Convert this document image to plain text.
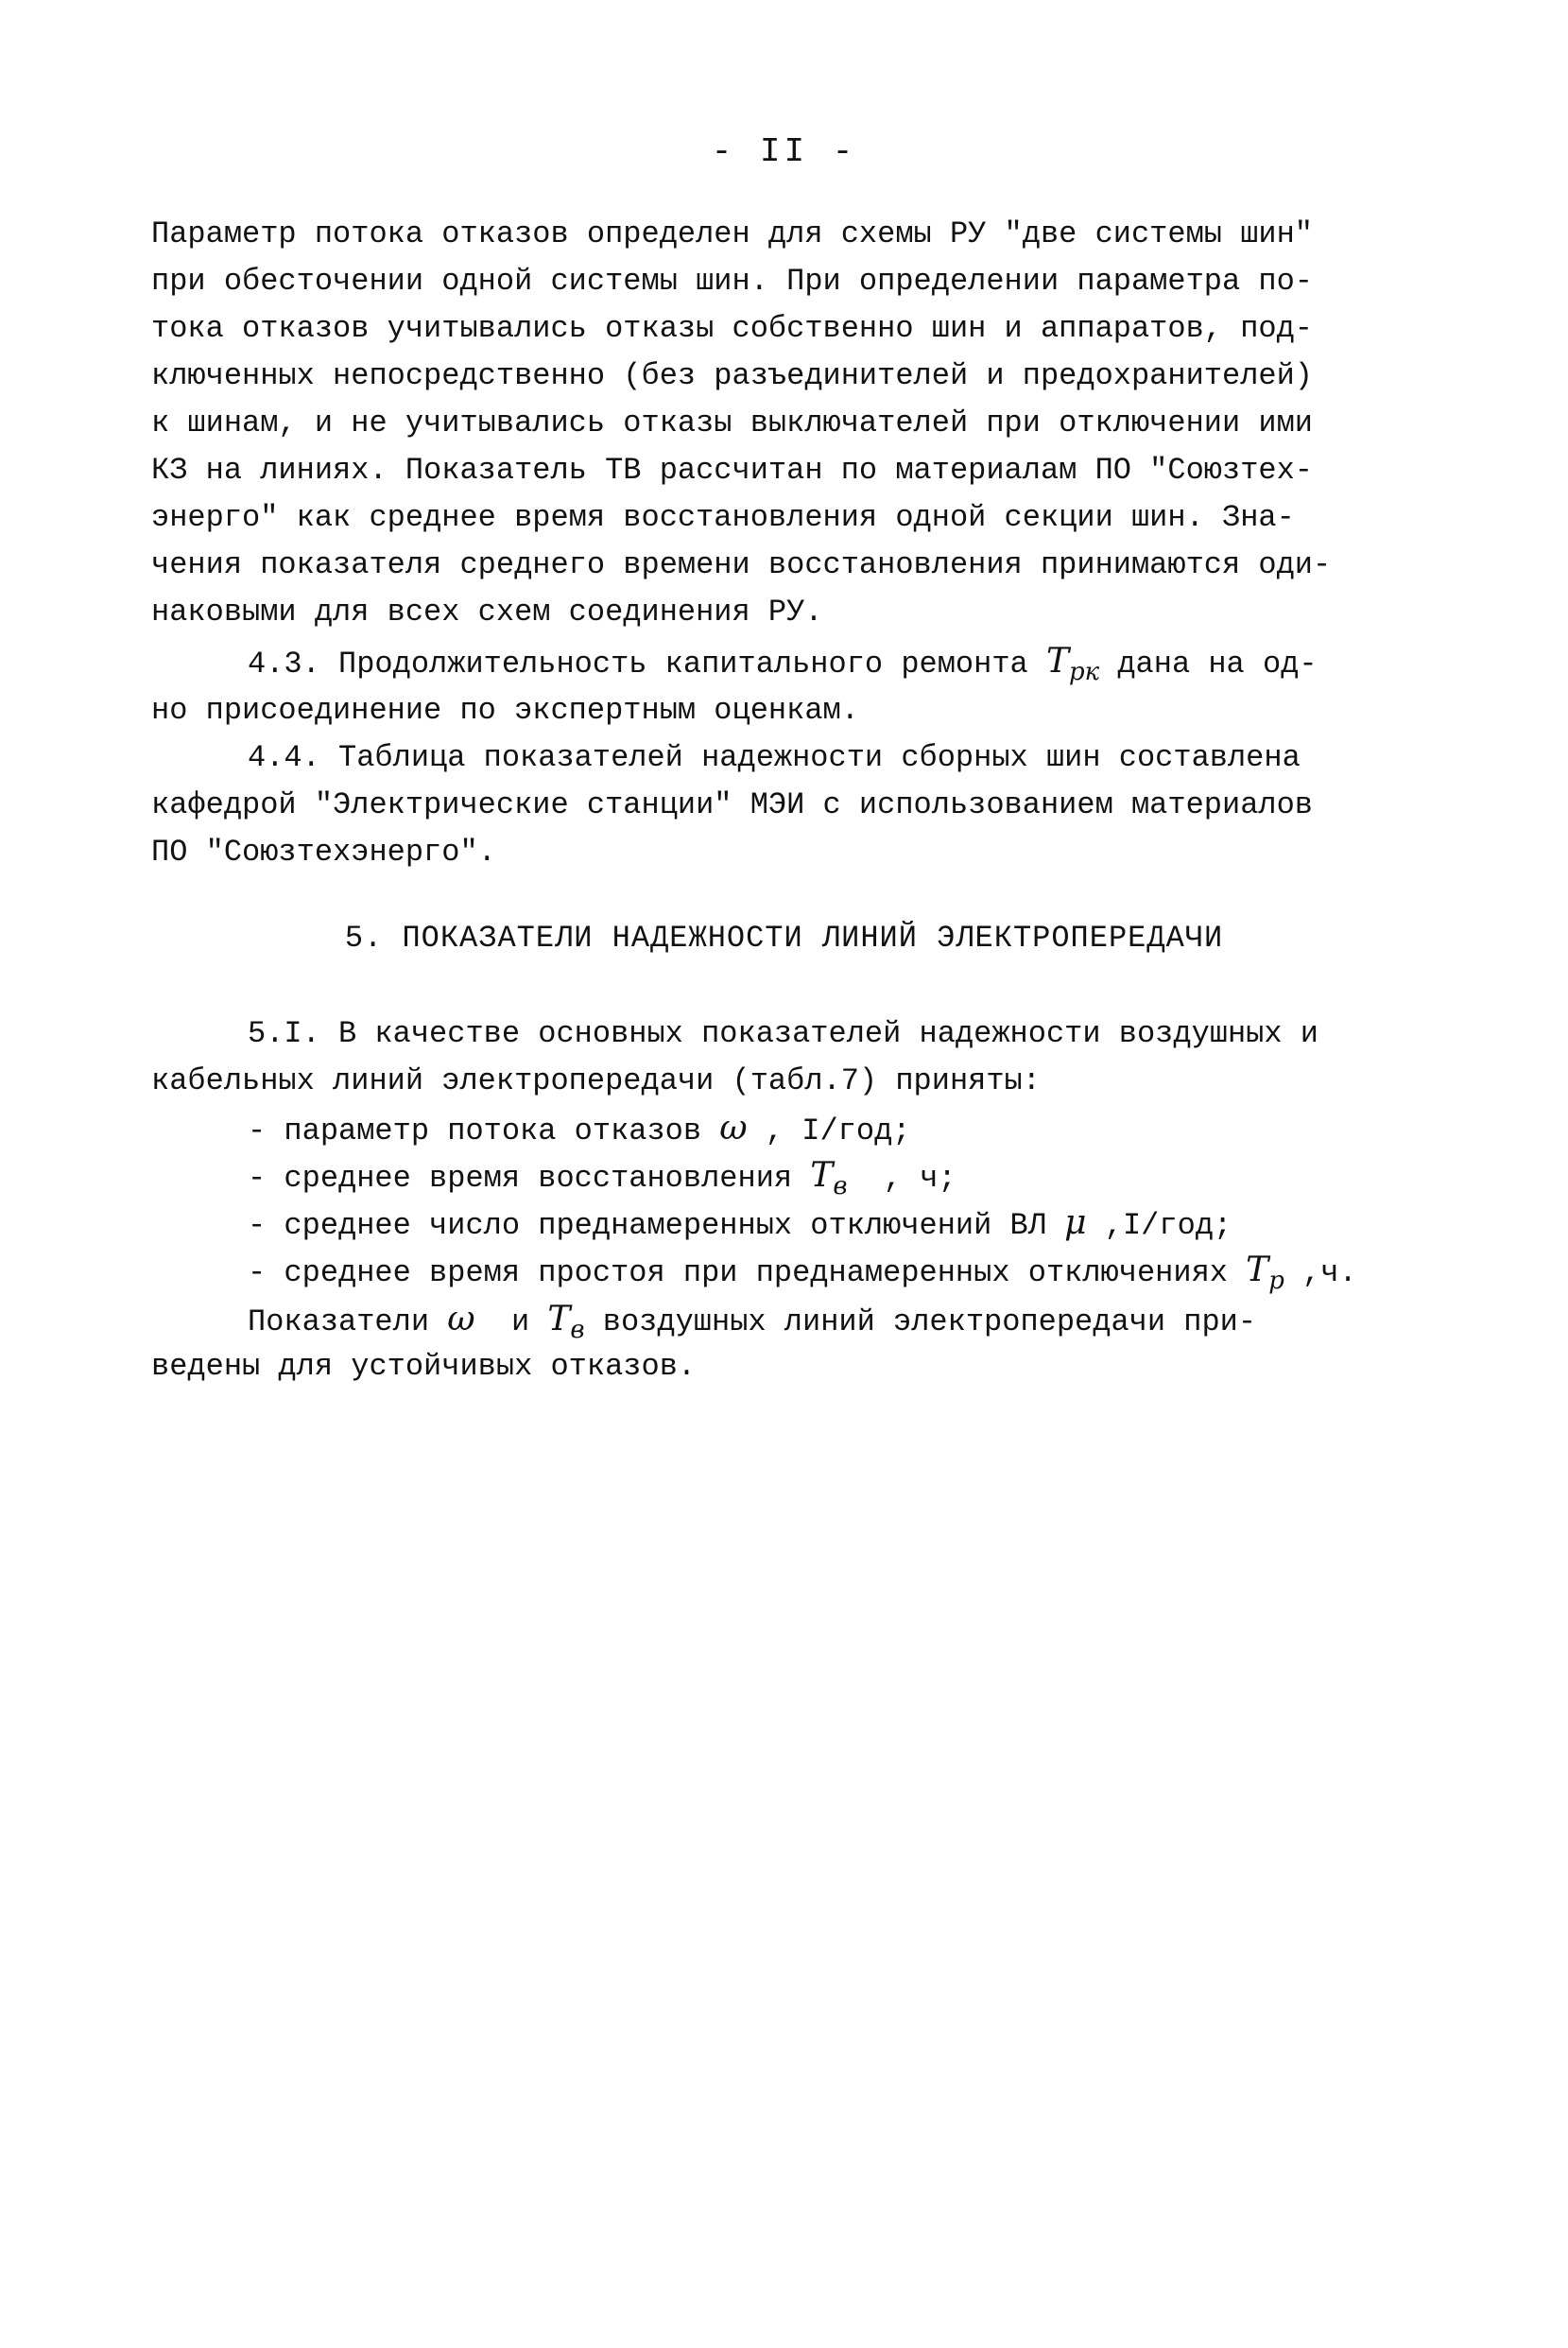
- II -
Параметр потока отказов определен для схемы РУ "две системы шин"
при обесточении одной системы шин. При определении параметра по-
тока отказов учитывались отказы собственно шин и аппаратов, под-
ключенных непосредственно (без разъединителей и предохранителей)
к шинам, и не учитывались отказы выключателей при отключении ими
КЗ на линиях. Показатель ТВ рассчитан по материалам ПО "Союзтех-
энерго" как среднее время восстановления одной секции шин. Зна-
чения показателя среднего времени восстановления принимаются оди-
наковыми для всех схем соединения РУ.
4.3. Продолжительность капитального ремонта $T_{рк}$ дана на од-
но присоединение по экспертным оценкам.
4.4. Таблица показателей надежности сборных шин составлена
кафедрой "Электрические станции" МЭИ с использованием материалов
ПО "Союзтехэнерго".
5. ПОКАЗАТЕЛИ НАДЕЖНОСТИ ЛИНИЙ ЭЛЕКТРОПЕРЕДАЧИ
5.I. В качестве основных показателей надежности воздушных и
кабельных линий электропередачи (табл.7) приняты:
- параметр потока отказов ω , I/год;
- среднее время восстановления $T_в$  , ч;
- среднее число преднамеренных отключений ВЛ μ ,I/год;
- среднее время простоя при преднамеренных отключениях $T_р$ ,ч.
Показатели ω  и $T_в$ воздушных линий электропередачи при-
ведены для устойчивых отказов.
